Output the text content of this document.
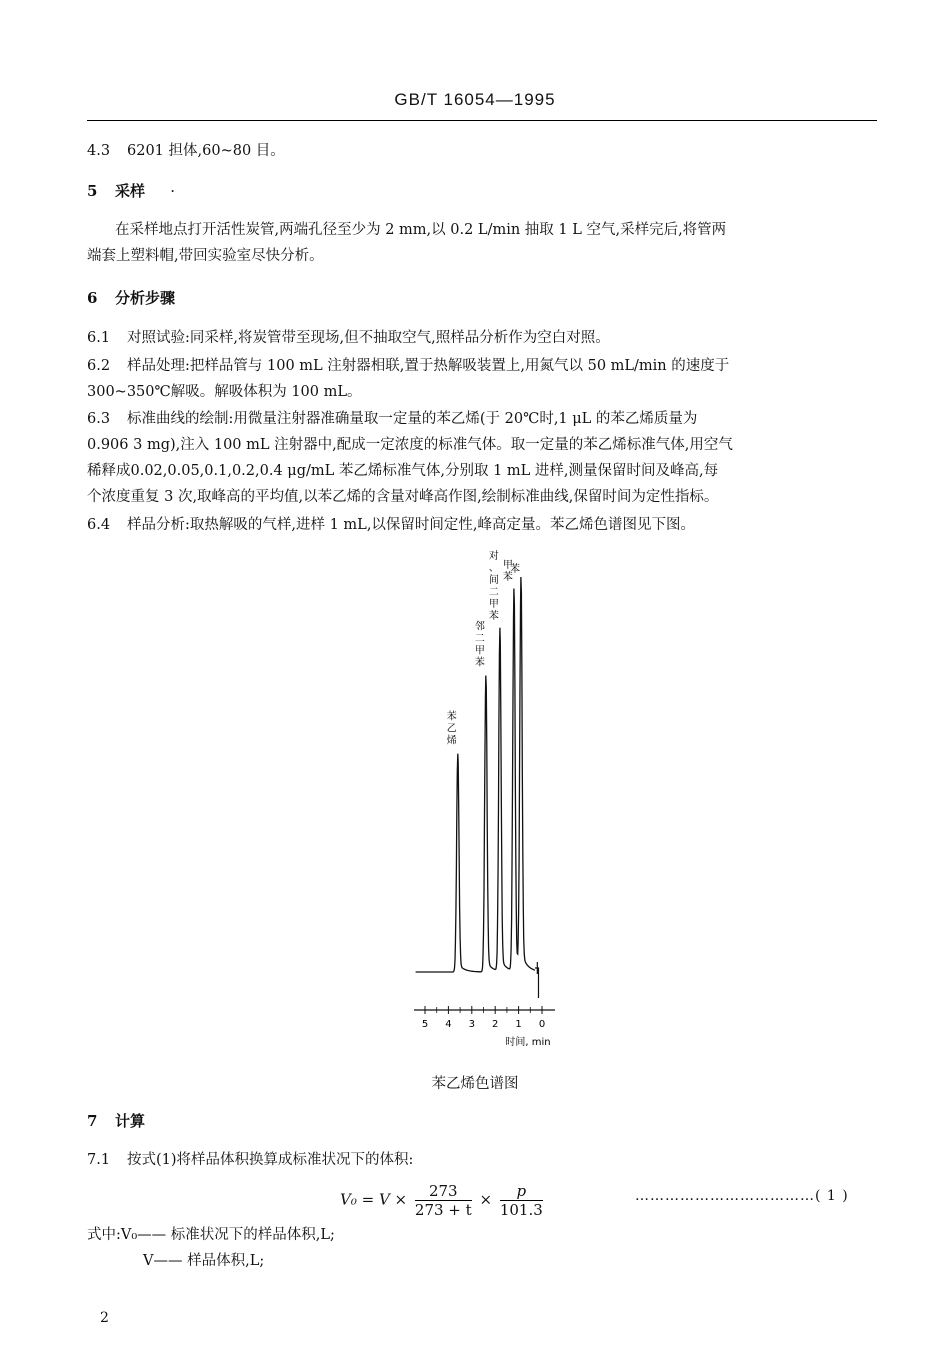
GB/T 16054—1995
4.3 6201 担体,60~80 目。
5 采样 ·
在采样地点打开活性炭管,两端孔径至少为 2 mm,以 0.2 L/min 抽取 1 L 空气,采样完后,将管两
端套上塑料帽,带回实验室尽快分析。
6 分析步骤
6.1 对照试验:同采样,将炭管带至现场,但不抽取空气,照样品分析作为空白对照。
6.2 样品处理:把样品管与 100 mL 注射器相联,置于热解吸装置上,用氮气以 50 mL/min 的速度于
300~350℃解吸。解吸体积为 100 mL。
6.3 标准曲线的绘制:用微量注射器准确量取一定量的苯乙烯(于 20℃时,1 μL 的苯乙烯质量为
0.906 3 mg),注入 100 mL 注射器中,配成一定浓度的标准气体。取一定量的苯乙烯标准气体,用空气
稀释成0.02,0.05,0.1,0.2,0.4 μg/mL 苯乙烯标准气体,分别取 1 mL 进样,测量保留时间及峰高,每
个浓度重复 3 次,取峰高的平均值,以苯乙烯的含量对峰高作图,绘制标准曲线,保留时间为定性指标。
6.4 样品分析:取热解吸的气样,进样 1 mL,以保留时间定性,峰高定量。苯乙烯色谱图见下图。
5 4 3 2 1 0
苯乙烯
邻二甲苯
对、间二甲苯
甲苯
苯
时间, min
苯乙烯色谱图
7 计算
7.1 按式(1)将样品体积换算成标准状况下的体积:
$V_0 = V \times \frac{273}{273 + t} \times \frac{p}{101.3}$	………………………………( 1 )
式中:V₀—— 标准状况下的样品体积,L;
V—— 样品体积,L;
2
